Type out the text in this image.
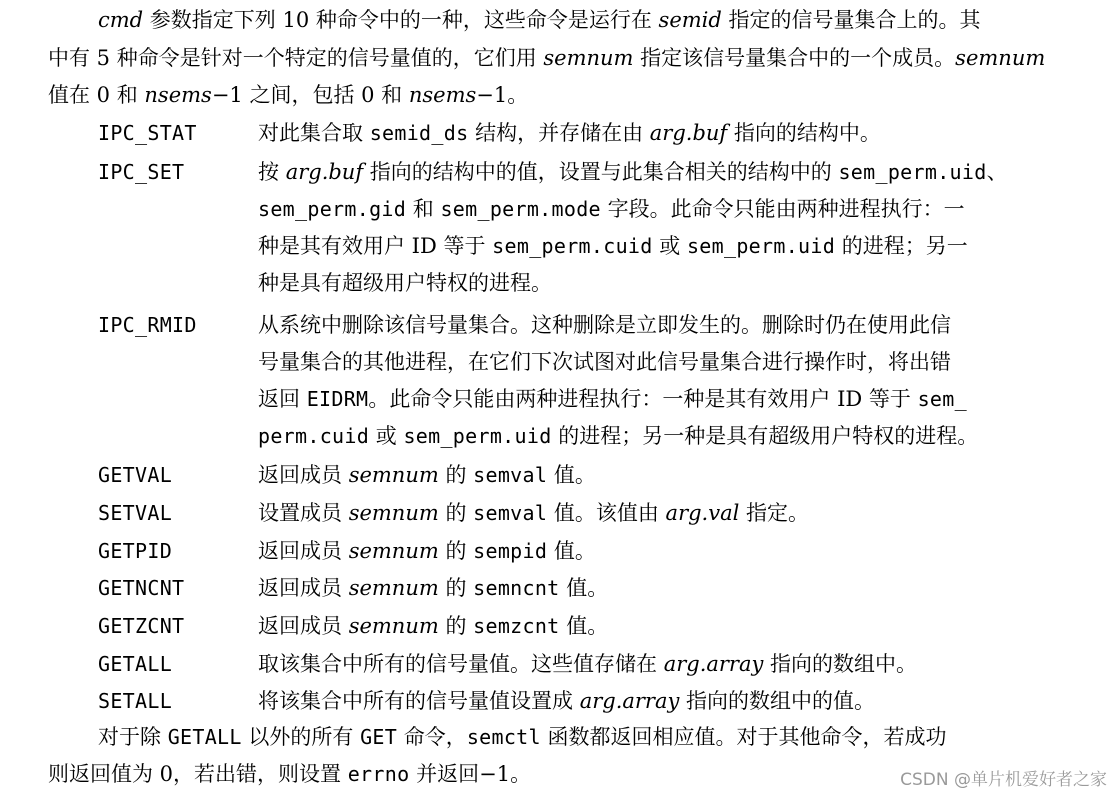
cmd 参数指定下列 10 种命令中的一种，这些命令是运行在 semid 指定的信号量集合上的。其
中有 5 种命令是针对一个特定的信号量值的，它们用 semnum 指定该信号量集合中的一个成员。semnum
值在 0 和 nsems−1 之间，包括 0 和 nsems−1。
IPC_STAT	对此集合取 semid_ds 结构，并存储在由 arg.buf 指向的结构中。
IPC_SET	按 arg.buf 指向的结构中的值，设置与此集合相关的结构中的 sem_perm.uid、
sem_perm.gid 和 sem_perm.mode 字段。此命令只能由两种进程执行：一
种是其有效用户 ID 等于 sem_perm.cuid 或 sem_perm.uid 的进程；另一
种是具有超级用户特权的进程。
IPC_RMID	从系统中删除该信号量集合。这种删除是立即发生的。删除时仍在使用此信
号量集合的其他进程，在它们下次试图对此信号量集合进行操作时，将出错
返回 EIDRM。此命令只能由两种进程执行：一种是其有效用户 ID 等于 sem_
perm.cuid 或 sem_perm.uid 的进程；另一种是具有超级用户特权的进程。
GETVAL	返回成员 semnum 的 semval 值。
SETVAL	设置成员 semnum 的 semval 值。该值由 arg.val 指定。
GETPID	返回成员 semnum 的 sempid 值。
GETNCNT	返回成员 semnum 的 semncnt 值。
GETZCNT	返回成员 semnum 的 semzcnt 值。
GETALL	取该集合中所有的信号量值。这些值存储在 arg.array 指向的数组中。
SETALL	将该集合中所有的信号量值设置成 arg.array 指向的数组中的值。
对于除 GETALL 以外的所有 GET 命令，semctl 函数都返回相应值。对于其他命令，若成功
则返回值为 0，若出错，则设置 errno 并返回−1。	CSDN @单片机爱好者之家
